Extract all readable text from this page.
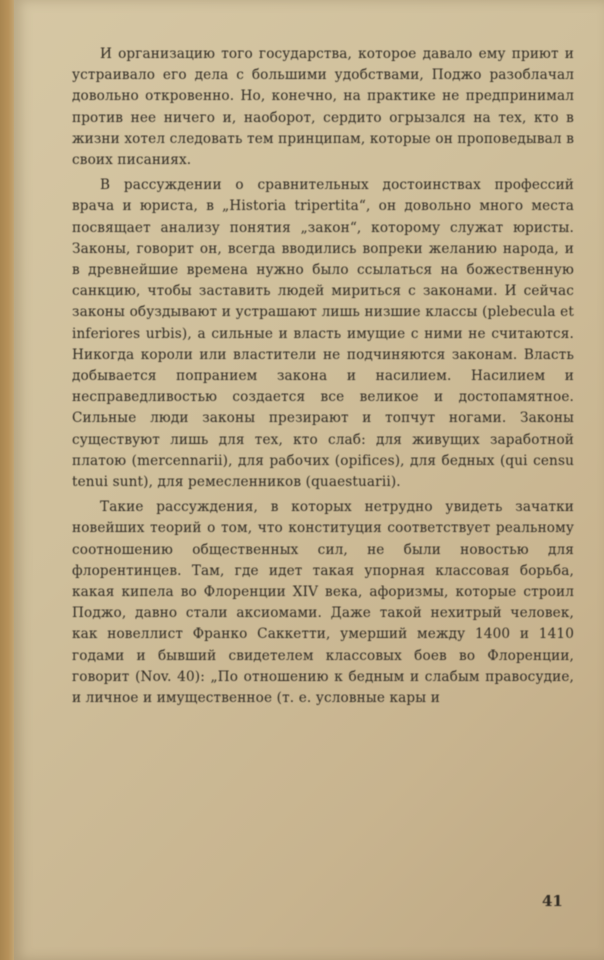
И организацию того государства, которое давало ему приют и устраивало его дела с большими удобствами, Поджо разоблачал довольно откровенно. Но, конечно, на практике не предпринимал против нее ничего и, наоборот, сердито огрызался на тех, кто в жизни хотел следовать тем принципам, которые он проповедывал в своих писаниях.

В рассуждении о сравнительных достоинствах профессий врача и юриста, в „Historia tripertita“, он довольно много места посвящает анализу понятия „закон“, которому служат юристы. Законы, говорит он, всегда вводились вопреки желанию народа, и в древнейшие времена нужно было ссылаться на божественную санкцию, чтобы заставить людей мириться с законами. И сейчас законы обуздывают и устрашают лишь низшие классы (plebecula et inferiores urbis), а сильные и власть имущие с ними не считаются. Никогда короли или властители не подчиняются законам. Власть добывается попранием закона и насилием. Насилием и несправедливостью создается все великое и достопамятное. Сильные люди законы презирают и топчут ногами. Законы существуют лишь для тех, кто слаб: для живущих заработной платою (mercennarii), для рабочих (opifices), для бедных (qui censu tenui sunt), для ремесленников (quaestuarii).

Такие рассуждения, в которых нетрудно увидеть зачатки новейших теорий о том, что конституция соответствует реальному соотношению общественных сил, не были новостью для флорентинцев. Там, где идет такая упорная классовая борьба, какая кипела во Флоренции XIV века, афоризмы, которые строил Поджо, давно стали аксиомами. Даже такой нехитрый человек, как новеллист Франко Саккетти, умерший между 1400 и 1410 годами и бывший свидетелем классовых боев во Флоренции, говорит (Nov. 40): „По отношению к бедным и слабым правосудие, и личное и имущественное (т. е. условные кары и

41
